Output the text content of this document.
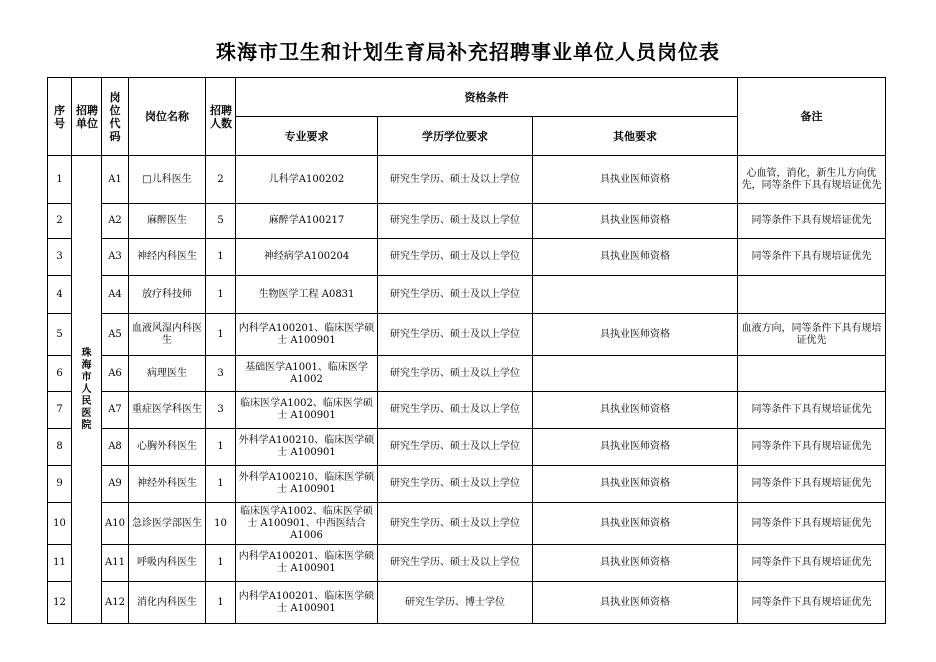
珠海市卫生和计划生育局补充招聘事业单位人员岗位表
序号	招聘单位	岗位代码	岗位名称	招聘人数	资格条件			备注
					专业要求	学历学位要求	其他要求	
1	珠海市人民医院	A1	□儿科医生	2	儿科学A100202	研究生学历、硕士及以上学位	具执业医师资格	心血管，消化，新生儿方向优先，同等条件下具有规培证优先
2		A2	麻醉医生	5	麻醉学A100217	研究生学历、硕士及以上学位	具执业医师资格	同等条件下具有规培证优先
3		A3	神经内科医生	1	神经病学A100204	研究生学历、硕士及以上学位	具执业医师资格	同等条件下具有规培证优先
4		A4	放疗科技师	1	生物医学工程 A0831	研究生学历、硕士及以上学位		
5		A5	血液风湿内科医生	1	内科学A100201、临床医学硕士 A100901	研究生学历、硕士及以上学位	具执业医师资格	血液方向，同等条件下具有规培证优先
6		A6	病理医生	3	基础医学A1001、临床医学A1002	研究生学历、硕士及以上学位		
7		A7	重症医学科医生	3	临床医学A1002、临床医学硕士 A100901	研究生学历、硕士及以上学位	具执业医师资格	同等条件下具有规培证优先
8		A8	心胸外科医生	1	外科学A100210、临床医学硕士 A100901	研究生学历、硕士及以上学位	具执业医师资格	同等条件下具有规培证优先
9		A9	神经外科医生	1	外科学A100210、临床医学硕士 A100901	研究生学历、硕士及以上学位	具执业医师资格	同等条件下具有规培证优先
10		A10	急诊医学部医生	10	临床医学A1002、临床医学硕士 A100901、中西医结合A1006	研究生学历、硕士及以上学位	具执业医师资格	同等条件下具有规培证优先
11		A11	呼吸内科医生	1	内科学A100201、临床医学硕士 A100901	研究生学历、硕士及以上学位	具执业医师资格	同等条件下具有规培证优先
12		A12	消化内科医生	1	内科学A100201、临床医学硕士 A100901	研究生学历、博士学位	具执业医师资格	同等条件下具有规培证优先
